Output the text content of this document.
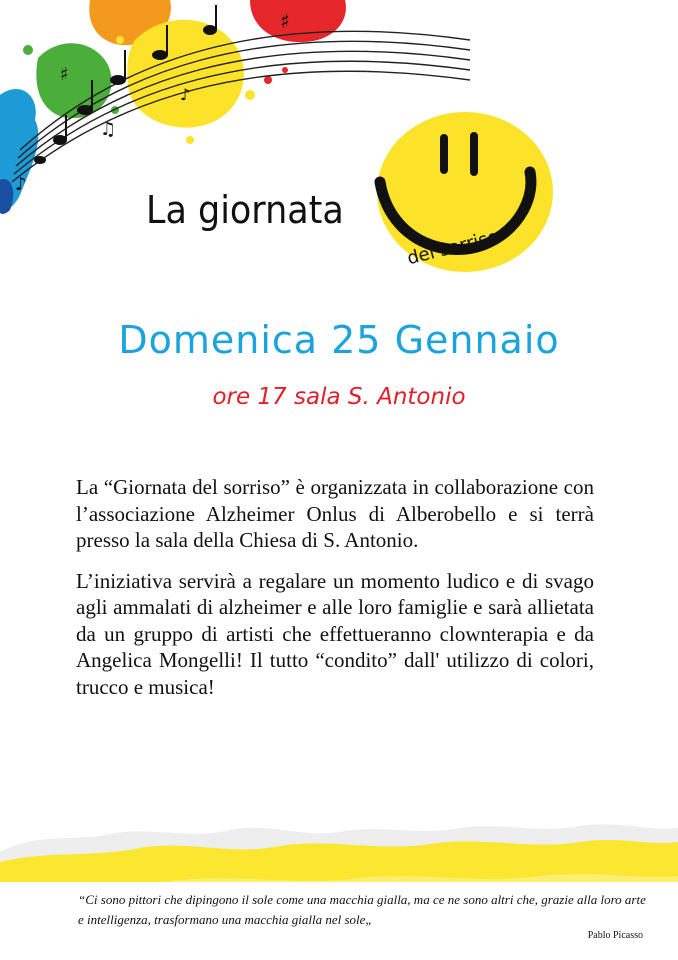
♯
♯
♪
♫
♪
La giornata
del sorriso
Domenica 25 Gennaio
ore 17 sala S. Antonio

La “Giornata del sorriso” è organizzata in collaborazione con l’associazione Alzheimer Onlus di Alberobello e si terrà presso la sala della Chiesa di S. Antonio.

L’iniziativa servirà a regalare un momento ludico e di svago agli ammalati di alzheimer e alle loro famiglie e sarà allietata da un gruppo di artisti che effettueranno clownterapia e da Angelica Mongelli! Il tutto “condito” dall' utilizzo di colori, trucco e musica!

“Ci sono pittori che dipingono il sole come una macchia gialla, ma ce ne sono altri che, grazie alla loro arte e intelligenza, trasformano una macchia gialla nel sole„
Pablo Picasso
